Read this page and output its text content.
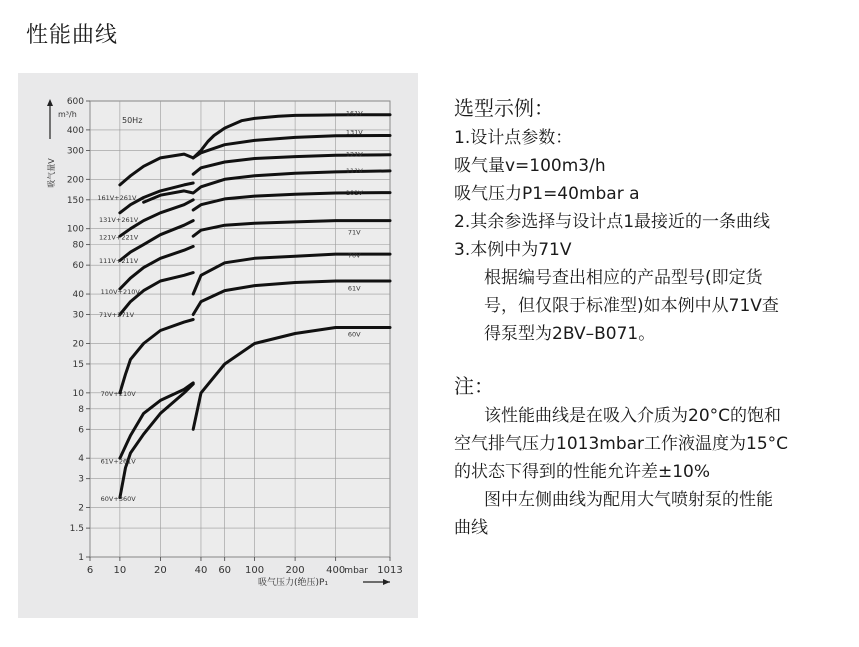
性能曲线
6 10	20	40 60 100 200 400	1013
1
1.5
2
3
4
6
8
10
15
20
30
40
60
80
100
150
200
300
400
600
吸气压力(绝压)P₁
mbar
吸气量V
m³/h
50Hz
161V
131V
121V
111V
101V
71V
70V
61V
60V
161V+261V
131V+261V
121V+221V
111V+211V
110V+210V
71V+271V
70V+210V
61V+261V
60V+360V
选型示例：
1.设计点参数：
吸气量v=100m3/h
吸气压力P1=40mbar a
2.其余参选择与设计点1最接近的一条曲线
3.本例中为71V
根据编号查出相应的产品型号(即定货
号，但仅限于标准型)如本例中从71V查
得泵型为2BV–B071。
注：
该性能曲线是在吸入介质为20°C的饱和
空气排气压力1013mbar工作液温度为15°C
的状态下得到的性能允许差±10%
图中左侧曲线为配用大气喷射泵的性能
曲线
